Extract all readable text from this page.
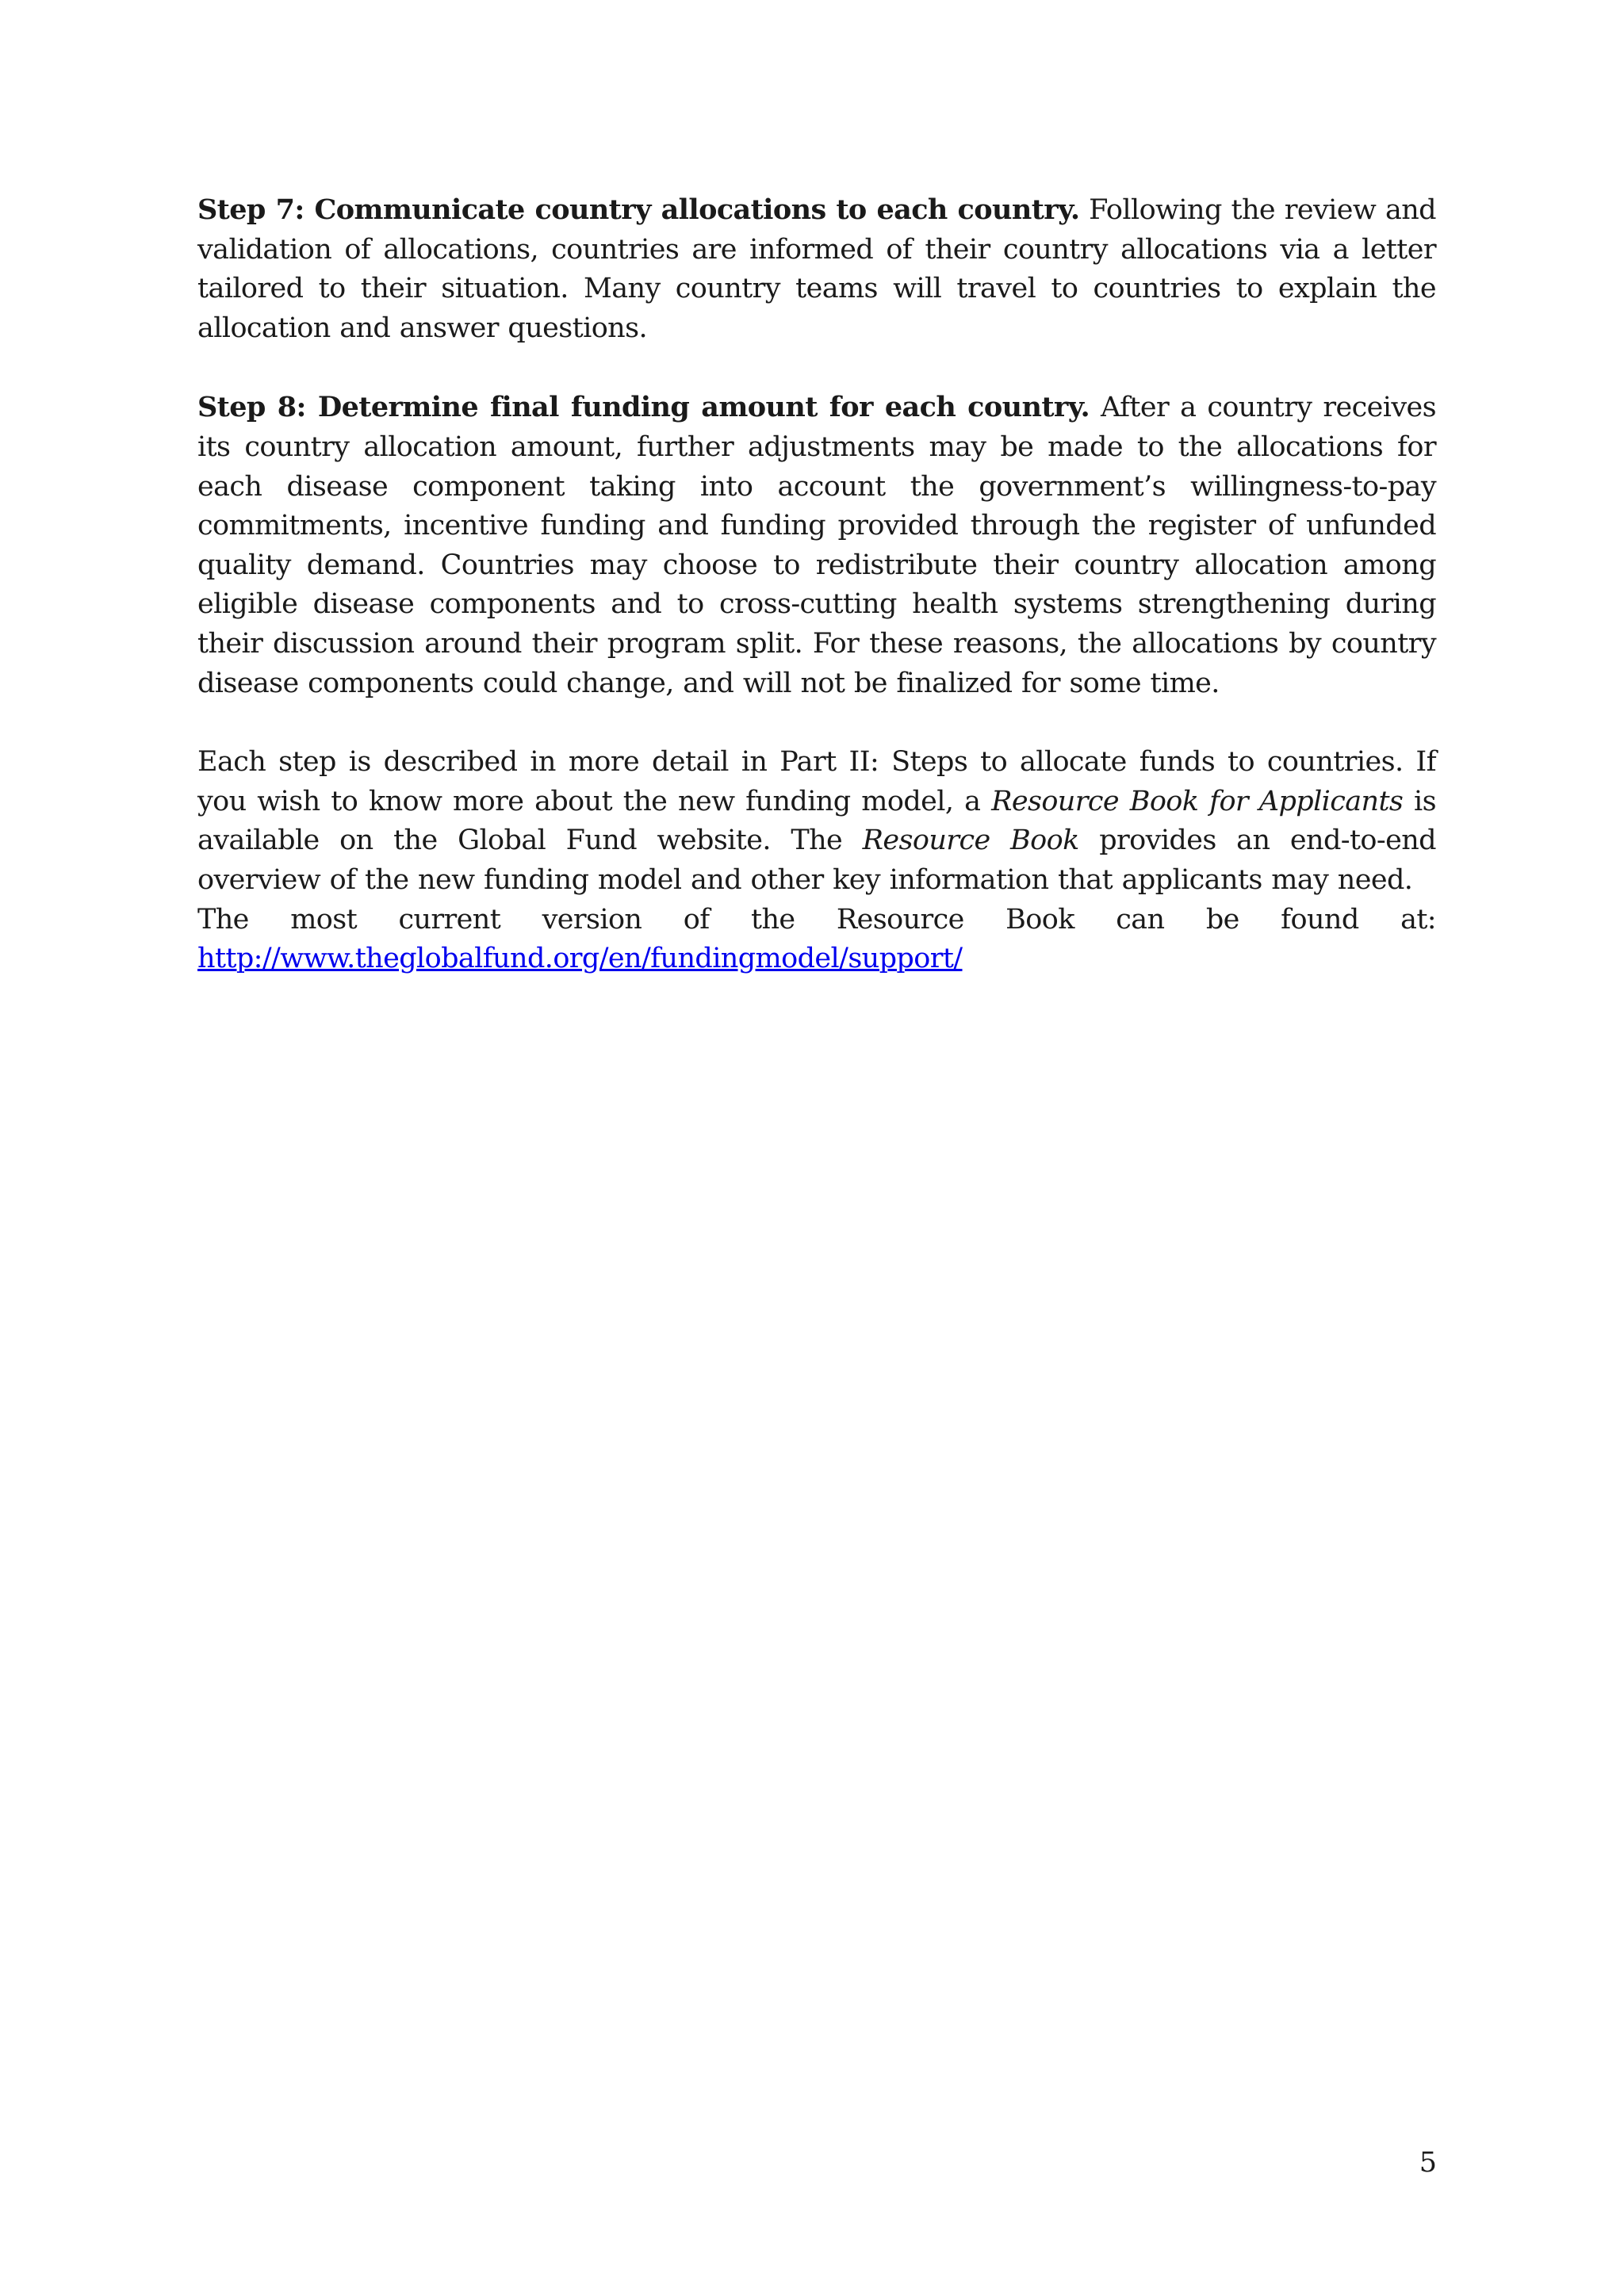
Step 7: Communicate country allocations to each country. Following the review and validation of allocations, countries are informed of their country allocations via a letter tailored to their situation. Many country teams will travel to countries to explain the allocation and answer questions.

Step 8: Determine final funding amount for each country. After a country receives its country allocation amount, further adjustments may be made to the allocations for each disease component taking into account the government’s willingness-to-pay commitments, incentive funding and funding provided through the register of unfunded quality demand. Countries may choose to redistribute their country allocation among eligible disease components and to cross-cutting health systems strengthening during their discussion around their program split. For these reasons, the allocations by country disease components could change, and will not be finalized for some time.

Each step is described in more detail in Part II: Steps to allocate funds to countries. If you wish to know more about the new funding model, a Resource Book for Applicants is available on the Global Fund website. The Resource Book provides an end-to-end overview of the new funding model and other key information that applicants may need.

The most current version of the Resource Book can be found at:

http://www.theglobalfund.org/en/fundingmodel/support/
5
